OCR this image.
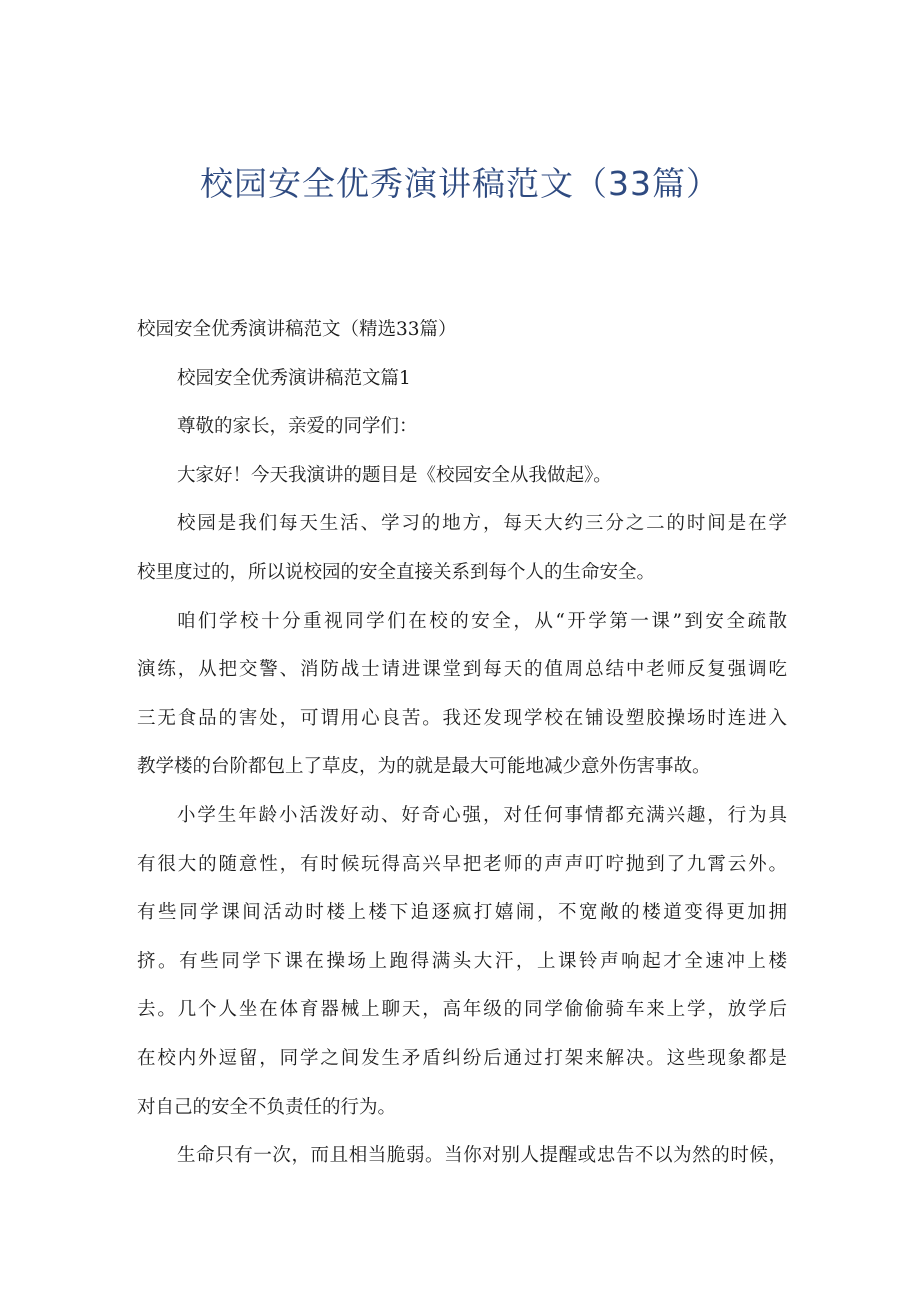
校园安全优秀演讲稿范文（33篇）
校园安全优秀演讲稿范文（精选33篇）
校园安全优秀演讲稿范文篇1
尊敬的家长，亲爱的同学们：
大家好！今天我演讲的题目是《校园安全从我做起》。
校园是我们每天生活、学习的地方，每天大约三分之二的时间是在学
校里度过的，所以说校园的安全直接关系到每个人的生命安全。
咱们学校十分重视同学们在校的安全，从“开学第一课”到安全疏散
演练，从把交警、消防战士请进课堂到每天的值周总结中老师反复强调吃
三无食品的害处，可谓用心良苦。我还发现学校在铺设塑胶操场时连进入
教学楼的台阶都包上了草皮，为的就是最大可能地减少意外伤害事故。
小学生年龄小活泼好动、好奇心强，对任何事情都充满兴趣，行为具
有很大的随意性，有时候玩得高兴早把老师的声声叮咛抛到了九霄云外。
有些同学课间活动时楼上楼下追逐疯打嬉闹，不宽敞的楼道变得更加拥
挤。有些同学下课在操场上跑得满头大汗，上课铃声响起才全速冲上楼
去。几个人坐在体育器械上聊天，高年级的同学偷偷骑车来上学，放学后
在校内外逗留，同学之间发生矛盾纠纷后通过打架来解决。这些现象都是
对自己的安全不负责任的行为。
生命只有一次，而且相当脆弱。当你对别人提醒或忠告不以为然的时候，
